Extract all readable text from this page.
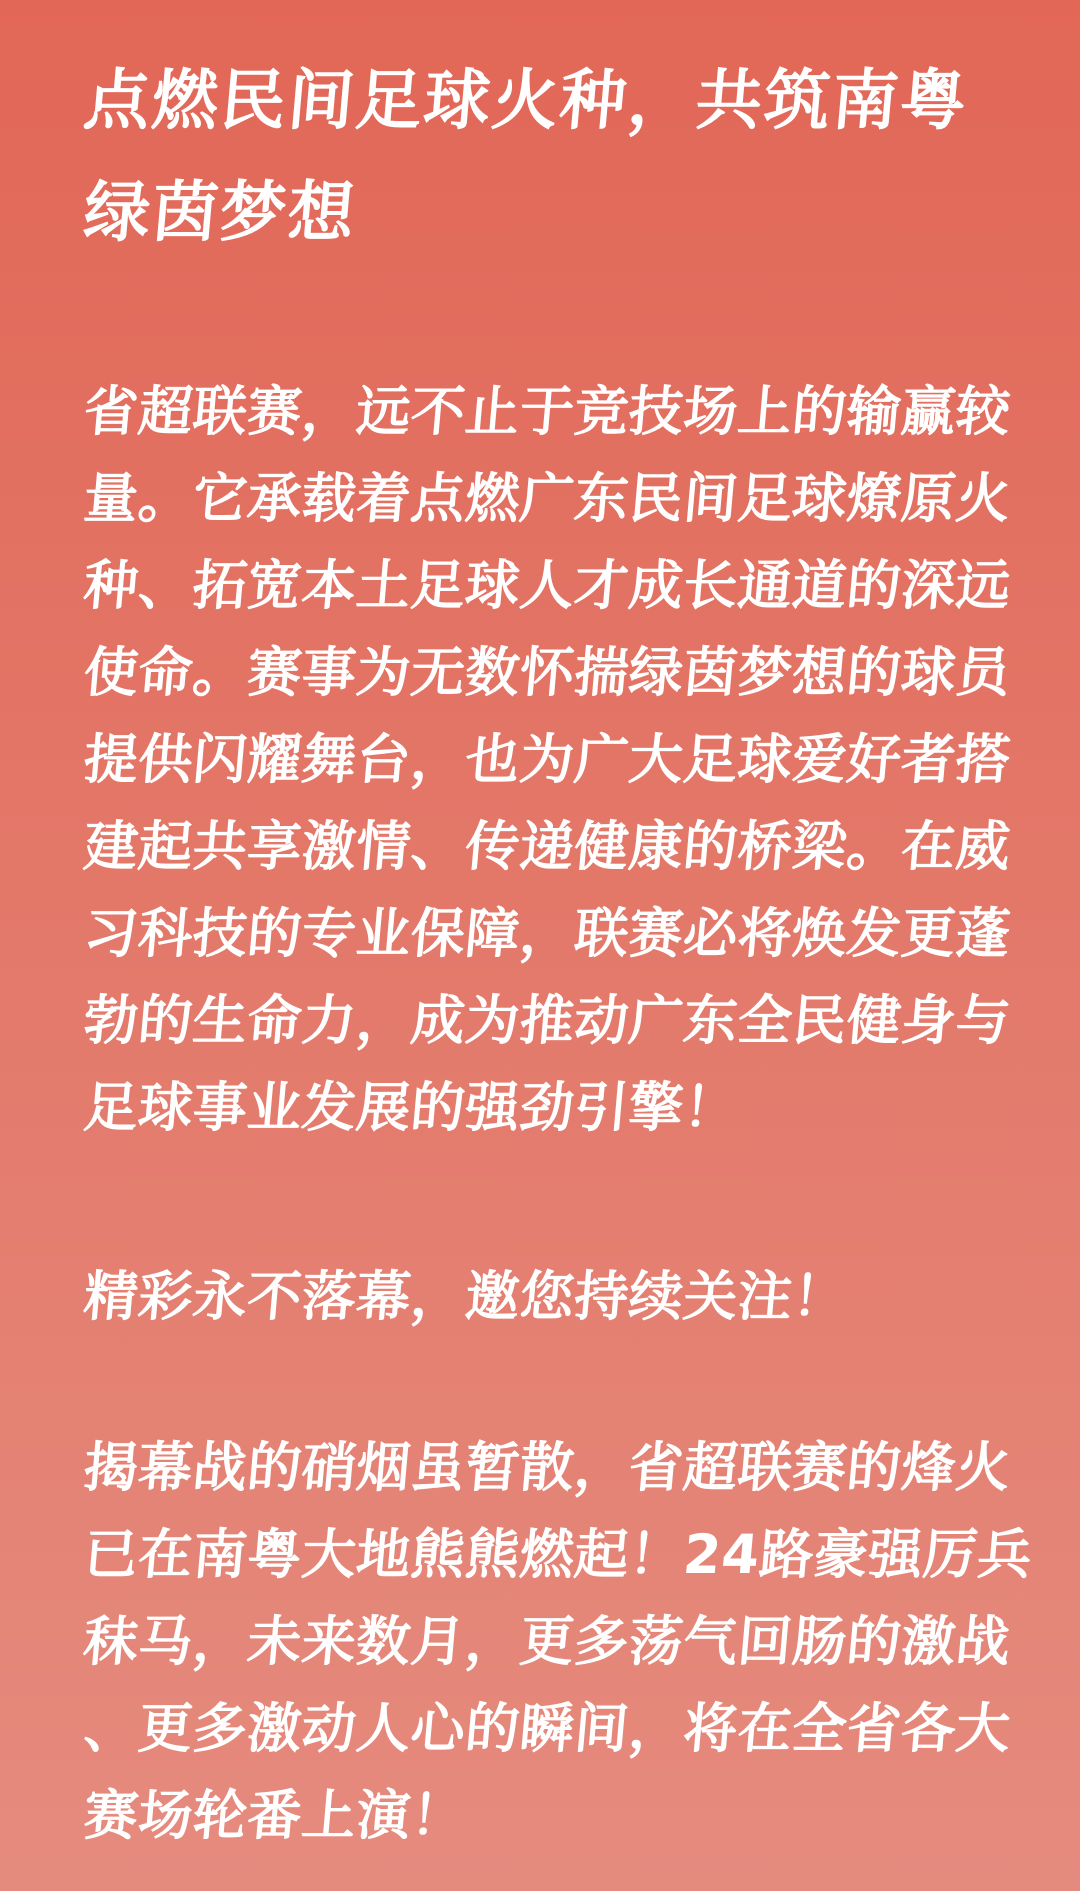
点燃民间足球火种，共筑南粤
绿茵梦想
省超联赛，远不止于竞技场上的输赢较
量。它承载着点燃广东民间足球燎原火
种、拓宽本土足球人才成长通道的深远
使命。赛事为无数怀揣绿茵梦想的球员
提供闪耀舞台，也为广大足球爱好者搭
建起共享激情、传递健康的桥梁。在威
习科技的专业保障，联赛必将焕发更蓬
勃的生命力，成为推动广东全民健身与
足球事业发展的强劲引擎！
精彩永不落幕，邀您持续关注！
揭幕战的硝烟虽暂散，省超联赛的烽火
已在南粤大地熊熊燃起！24路豪强厉兵
秣马，未来数月，更多荡气回肠的激战
、更多激动人心的瞬间，将在全省各大
赛场轮番上演！
